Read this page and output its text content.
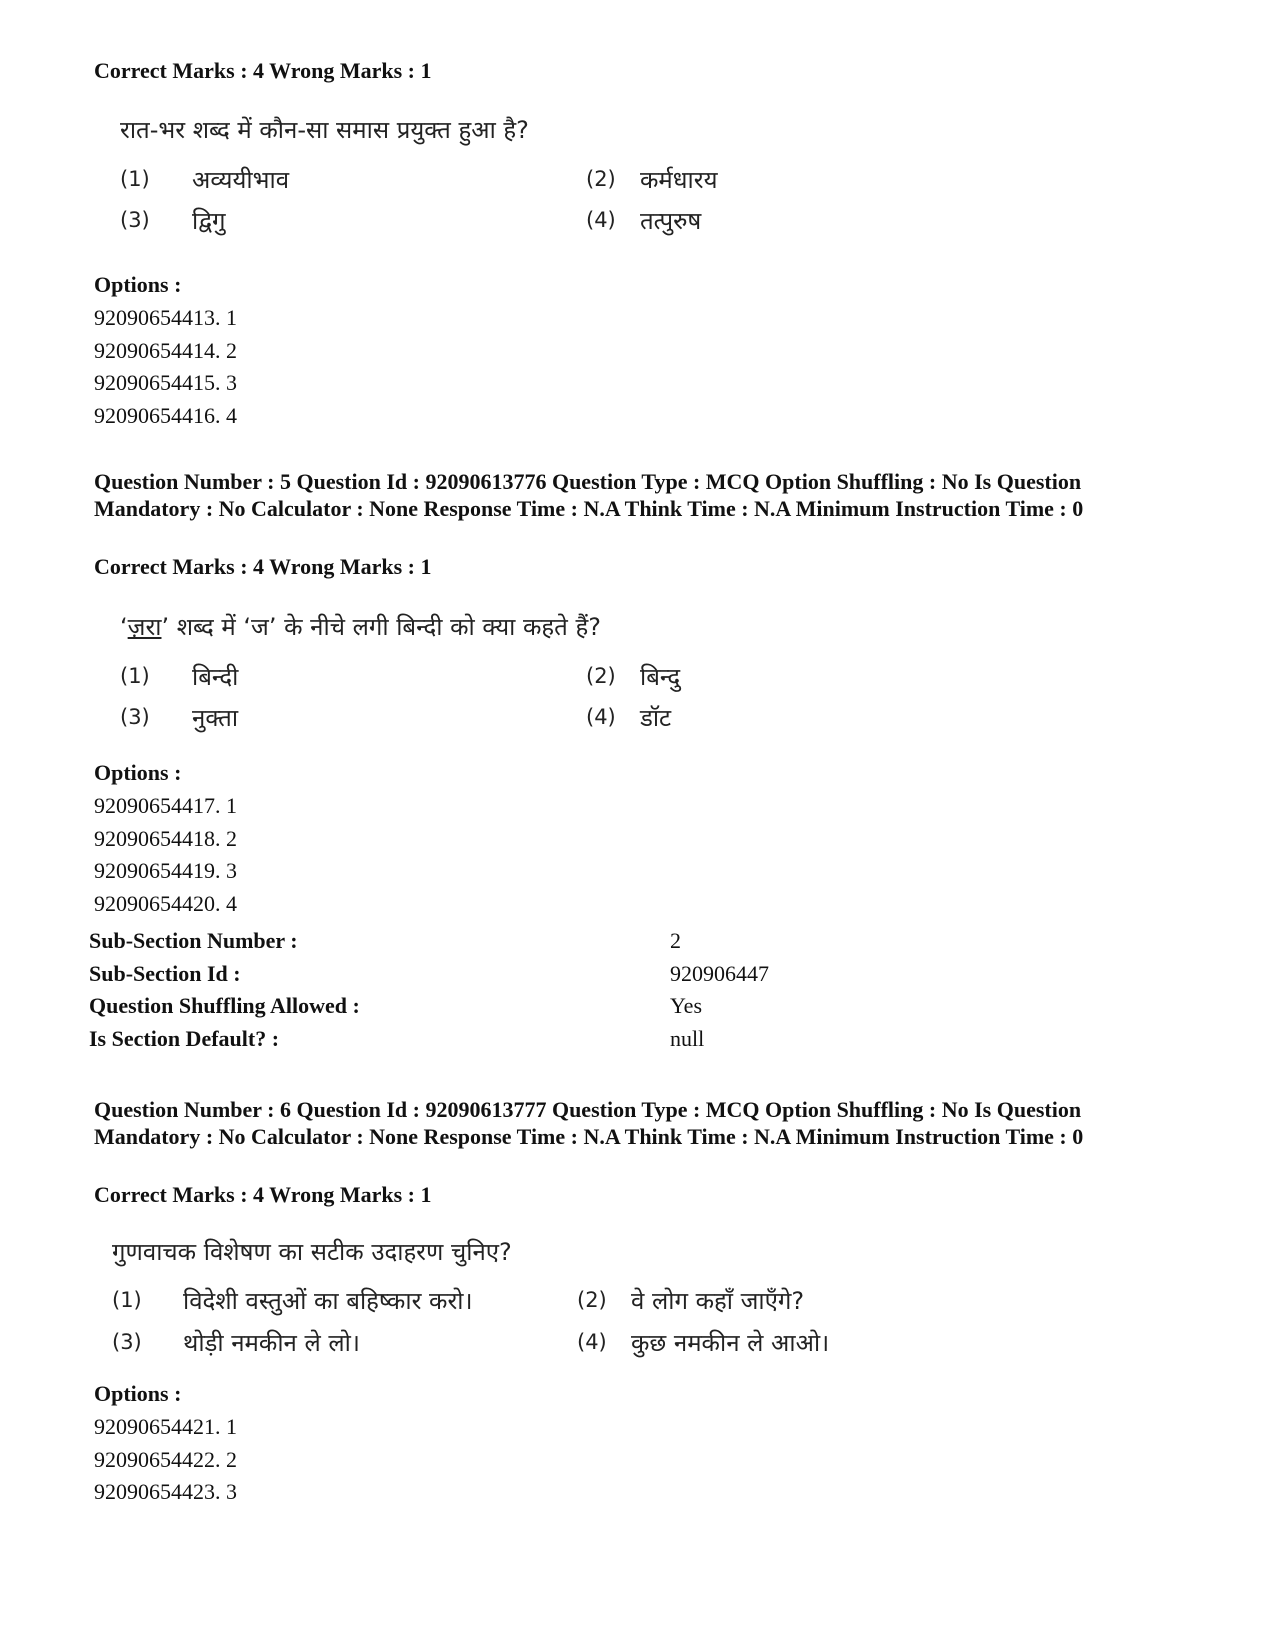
Correct Marks : 4 Wrong Marks : 1
रात-भर शब्द में कौन-सा समास प्रयुक्त हुआ है?
(1) अव्ययीभाव	(2) कर्मधारय
(3) द्विगु	(4) तत्पुरुष
Options :
92090654413. 1
92090654414. 2
92090654415. 3
92090654416. 4
Question Number : 5 Question Id : 92090613776 Question Type : MCQ Option Shuffling : No Is Question Mandatory : No Calculator : None Response Time : N.A Think Time : N.A Minimum Instruction Time : 0
Correct Marks : 4 Wrong Marks : 1
‘ज़रा’ शब्द में ‘ज’ के नीचे लगी बिन्दी को क्या कहते हैं?
(1) बिन्दी	(2) बिन्दु
(3) नुक्ता	(4) डॉट
Options :
92090654417. 1
92090654418. 2
92090654419. 3
92090654420. 4
Sub-Section Number :	2
Sub-Section Id :	920906447
Question Shuffling Allowed :	Yes
Is Section Default? :	null
Question Number : 6 Question Id : 92090613777 Question Type : MCQ Option Shuffling : No Is Question Mandatory : No Calculator : None Response Time : N.A Think Time : N.A Minimum Instruction Time : 0
Correct Marks : 4 Wrong Marks : 1
गुणवाचक विशेषण का सटीक उदाहरण चुनिए?
(1) विदेशी वस्तुओं का बहिष्कार करो।	(2) वे लोग कहाँ जाएँगे?
(3) थोड़ी नमकीन ले लो।	(4) कुछ नमकीन ले आओ।
Options :
92090654421. 1
92090654422. 2
92090654423. 3
